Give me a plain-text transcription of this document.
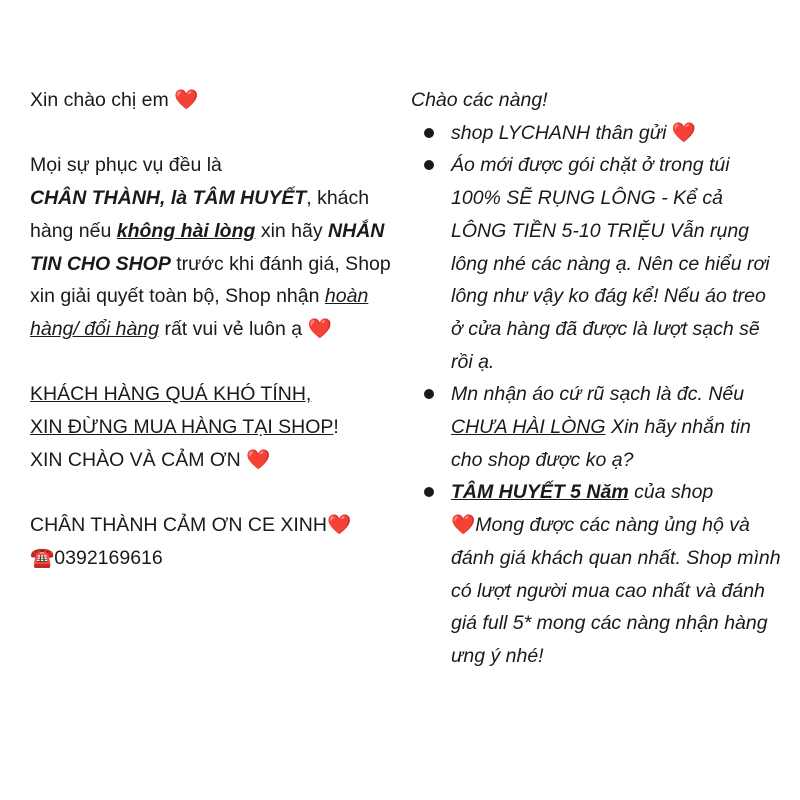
Xin chào chị em ❤️

Mọi sự phục vụ đều là
CHÂN THÀNH, là TÂM HUYẾT, khách hàng nếu không hài lòng xin hãy NHẮN TIN CHO SHOP trước khi đánh giá, Shop xin giải quyết toàn bộ, Shop nhận hoàn hàng/ đổi hàng rất vui vẻ luôn ạ ❤️

KHÁCH HÀNG QUÁ KHÓ TÍNH,
XIN ĐỪNG MUA HÀNG TẠI SHOP!
XIN CHÀO VÀ CẢM ƠN ❤️

CHÂN THÀNH CẢM ƠN CE XINH❤️
☎️0392169616

Chào các nàng!

shop LYCHANH thân gửi ❤️
Áo mới được gói chặt ở trong túi 100% SẼ RỤNG LÔNG - Kể cả LÔNG TIỀN 5-10 TRIỆU Vẫn rụng lông nhé các nàng ạ. Nên ce hiểu rơi lông như vậy ko đág kể! Nếu áo treo ở cửa hàng đã được là lượt sạch sẽ rồi ạ.
Mn nhận áo cứ rũ sạch là đc. Nếu CHƯA HÀI LÒNG Xin hãy nhắn tin cho shop được ko ạ?
TÂM HUYẾT 5 Năm của shop
❤️Mong được các nàng ủng hộ và đánh giá khách quan nhất. Shop mình có lượt người mua cao nhất và đánh giá full 5* mong các nàng nhận hàng ưng ý nhé!
